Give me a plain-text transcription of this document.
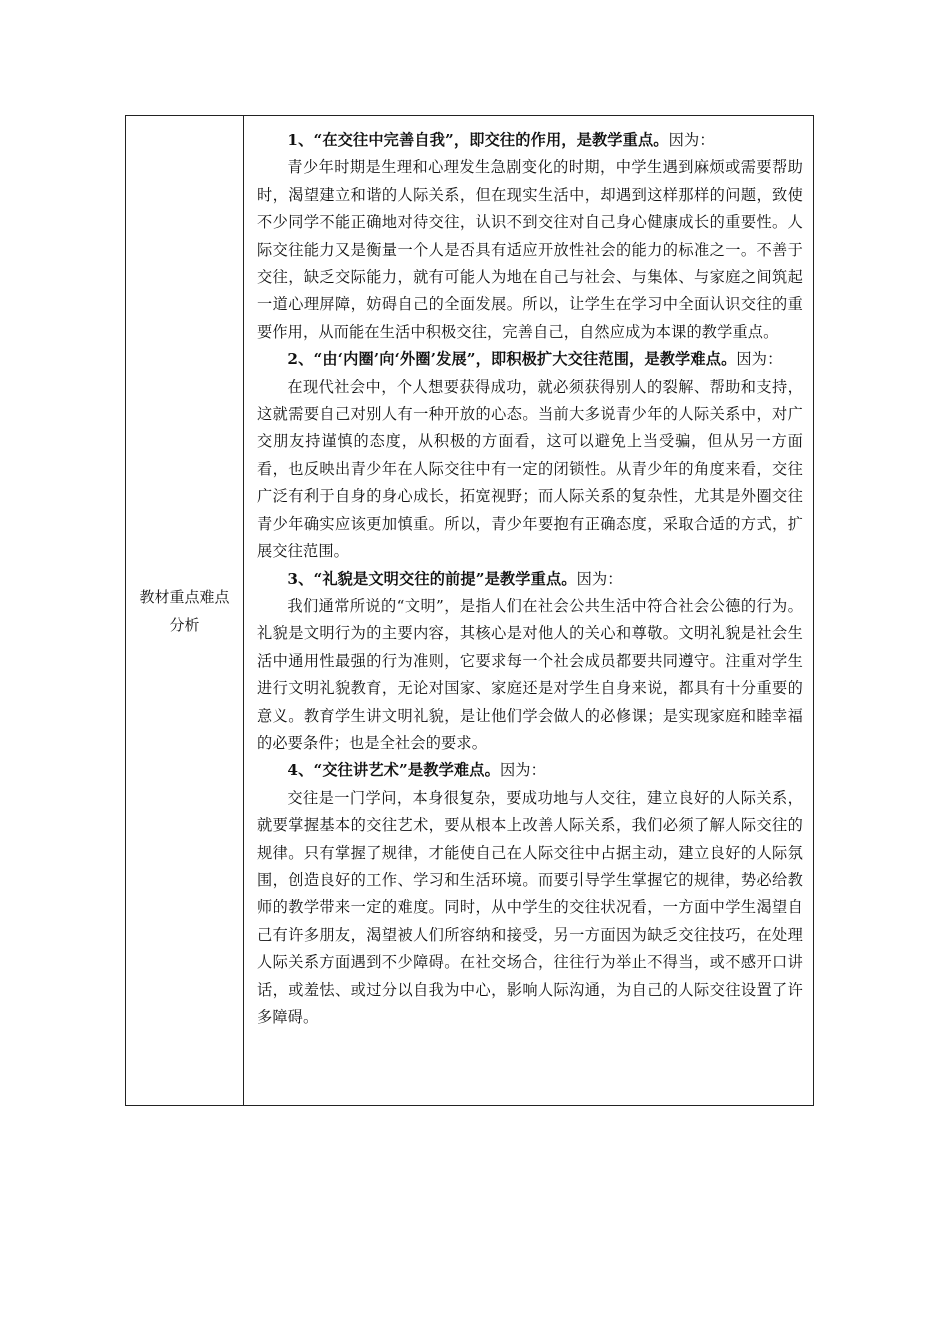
教材重点难点分析

1、“在交往中完善自我”，即交往的作用，是教学重点。因为：

青少年时期是生理和心理发生急剧变化的时期，中学生遇到麻烦或需要帮助时，渴望建立和谐的人际关系，但在现实生活中，却遇到这样那样的问题，致使不少同学不能正确地对待交往，认识不到交往对自己身心健康成长的重要性。人际交往能力又是衡量一个人是否具有适应开放性社会的能力的标准之一。不善于交往，缺乏交际能力，就有可能人为地在自己与社会、与集体、与家庭之间筑起一道心理屏障，妨碍自己的全面发展。所以，让学生在学习中全面认识交往的重要作用，从而能在生活中积极交往，完善自己，自然应成为本课的教学重点。

2、“由‘内圈’向‘外圈’发展”，即积极扩大交往范围，是教学难点。因为：

在现代社会中，个人想要获得成功，就必须获得别人的裂解、帮助和支持，这就需要自己对别人有一种开放的心态。当前大多说青少年的人际关系中，对广交朋友持谨慎的态度，从积极的方面看，这可以避免上当受骗，但从另一方面看，也反映出青少年在人际交往中有一定的闭锁性。从青少年的角度来看，交往广泛有利于自身的身心成长，拓宽视野；而人际关系的复杂性，尤其是外圈交往青少年确实应该更加慎重。所以，青少年要抱有正确态度，采取合适的方式，扩展交往范围。

3、“礼貌是文明交往的前提”是教学重点。因为：

我们通常所说的“文明”，是指人们在社会公共生活中符合社会公德的行为。礼貌是文明行为的主要内容，其核心是对他人的关心和尊敬。文明礼貌是社会生活中通用性最强的行为准则，它要求每一个社会成员都要共同遵守。注重对学生进行文明礼貌教育，无论对国家、家庭还是对学生自身来说，都具有十分重要的意义。教育学生讲文明礼貌，是让他们学会做人的必修课；是实现家庭和睦幸福的必要条件；也是全社会的要求。

4、“交往讲艺术”是教学难点。因为：

交往是一门学问，本身很复杂，要成功地与人交往，建立良好的人际关系，就要掌握基本的交往艺术，要从根本上改善人际关系，我们必须了解人际交往的规律。只有掌握了规律，才能使自己在人际交往中占据主动，建立良好的人际氛围，创造良好的工作、学习和生活环境。而要引导学生掌握它的规律，势必给教师的教学带来一定的难度。同时，从中学生的交往状况看，一方面中学生渴望自己有许多朋友，渴望被人们所容纳和接受，另一方面因为缺乏交往技巧，在处理人际关系方面遇到不少障碍。在社交场合，往往行为举止不得当，或不感开口讲话，或羞怯、或过分以自我为中心，影响人际沟通，为自己的人际交往设置了许多障碍。
